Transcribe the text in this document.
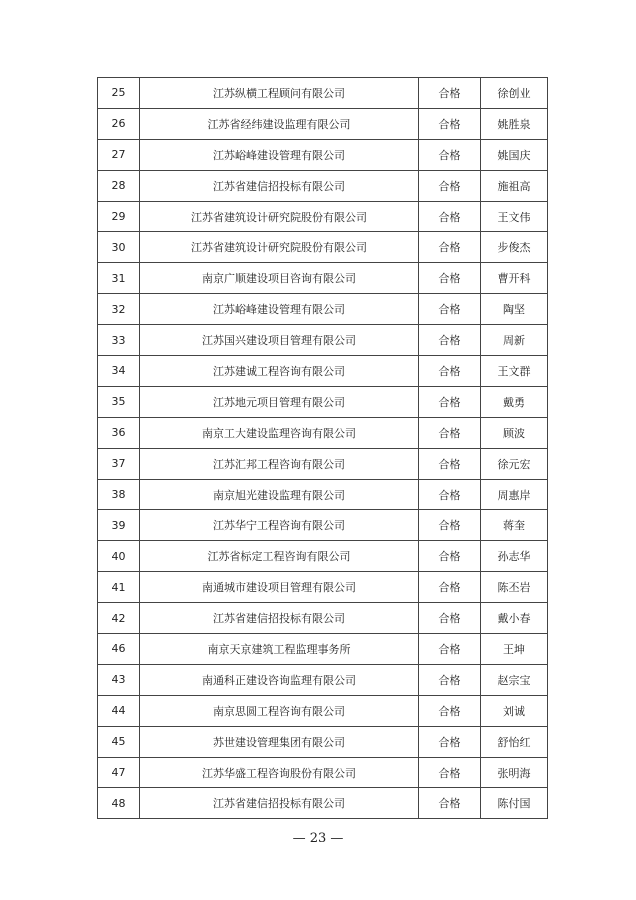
25	江苏纵横工程顾问有限公司	合格	徐创业
26	江苏省经纬建设监理有限公司	合格	姚胜泉
27	江苏峪峰建设管理有限公司	合格	姚国庆
28	江苏省建信招投标有限公司	合格	施祖高
29	江苏省建筑设计研究院股份有限公司	合格	王文伟
30	江苏省建筑设计研究院股份有限公司	合格	步俊杰
31	南京广顺建设项目咨询有限公司	合格	曹开科
32	江苏峪峰建设管理有限公司	合格	陶坚
33	江苏国兴建设项目管理有限公司	合格	周新
34	江苏建诚工程咨询有限公司	合格	王文群
35	江苏地元项目管理有限公司	合格	戴勇
36	南京工大建设监理咨询有限公司	合格	顾波
37	江苏汇邦工程咨询有限公司	合格	徐元宏
38	南京旭光建设监理有限公司	合格	周惠岸
39	江苏华宁工程咨询有限公司	合格	蒋奎
40	江苏省标定工程咨询有限公司	合格	孙志华
41	南通城市建设项目管理有限公司	合格	陈丕岩
42	江苏省建信招投标有限公司	合格	戴小春
46	南京天京建筑工程监理事务所	合格	王坤
43	南通科正建设咨询监理有限公司	合格	赵宗宝
44	南京思圆工程咨询有限公司	合格	刘诚
45	苏世建设管理集团有限公司	合格	舒怡红
47	江苏华盛工程咨询股份有限公司	合格	张明海
48	江苏省建信招投标有限公司	合格	陈付国
— 23 —
